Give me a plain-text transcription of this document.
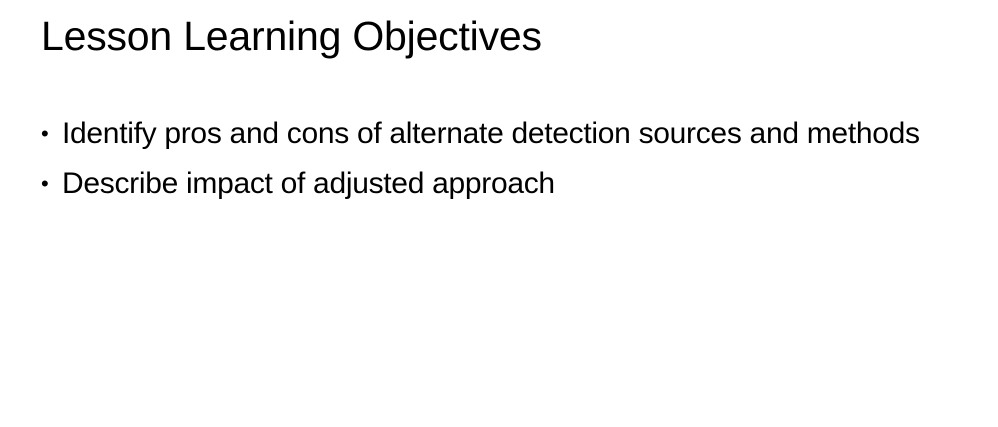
Lesson Learning Objectives
• Identify pros and cons of alternate detection sources and methods
• Describe impact of adjusted approach
